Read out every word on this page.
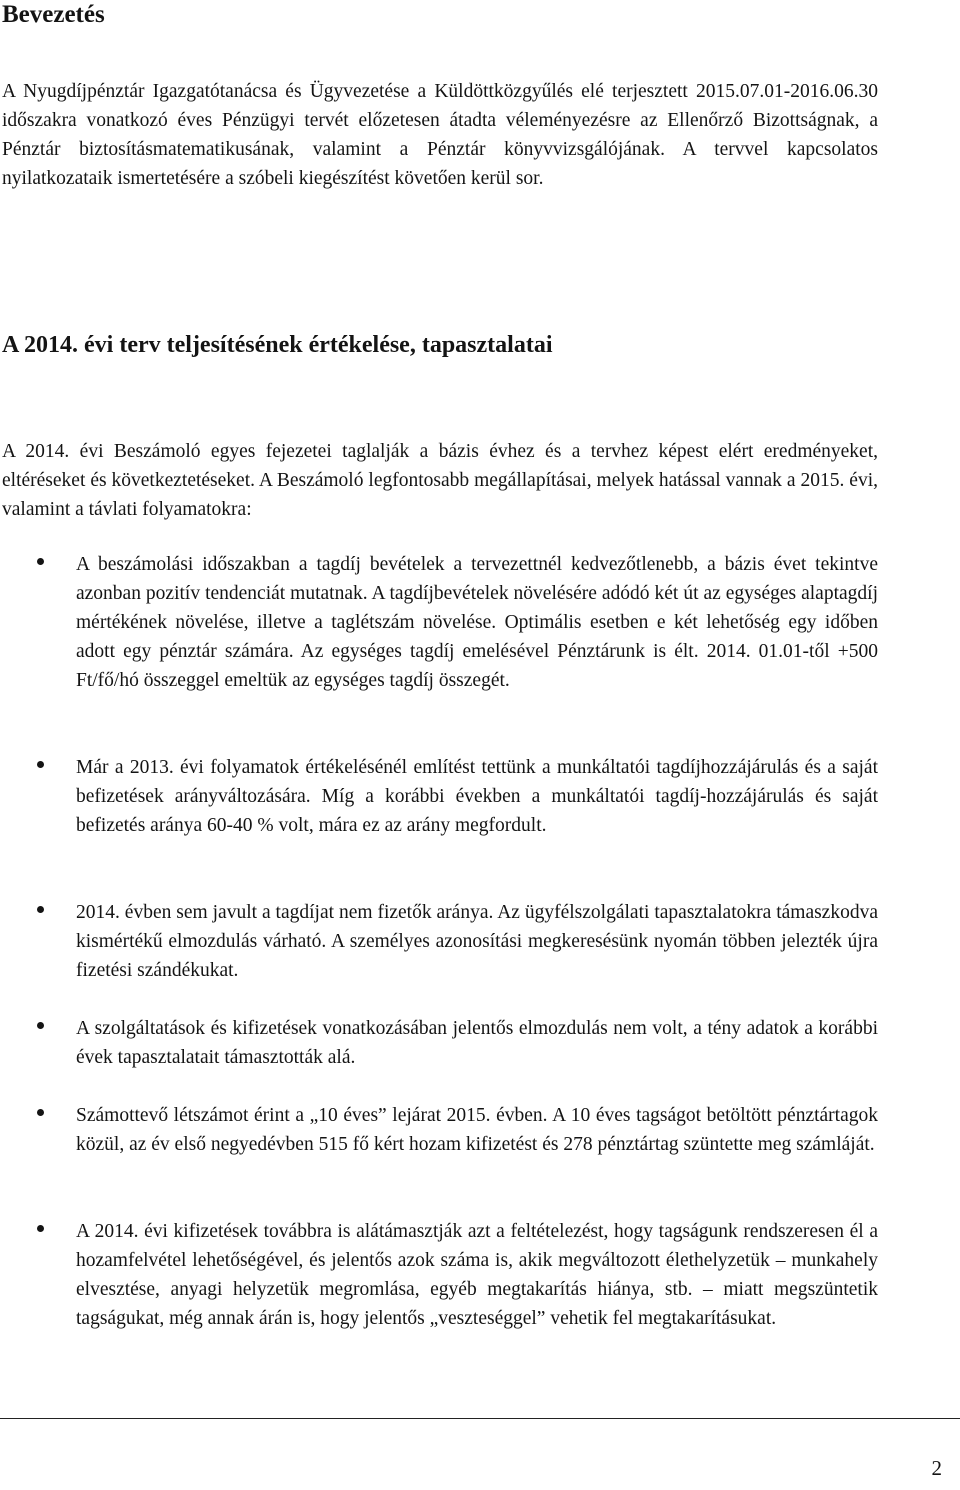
Bevezetés

A Nyugdíjpénztár Igazgatótanácsa és Ügyvezetése a Küldöttközgyűlés elé terjesztett 2015.07.01-2016.06.30 időszakra vonatkozó éves Pénzügyi tervét előzetesen átadta véleményezésre az Ellenőrző Bizottságnak, a Pénztár biztosításmatematikusának, valamint a Pénztár könyvvizsgálójának. A tervvel kapcsolatos nyilatkozataik ismertetésére a szóbeli kiegészítést követően kerül sor.

A 2014. évi terv teljesítésének értékelése, tapasztalatai

A 2014. évi Beszámoló egyes fejezetei taglalják a bázis évhez és a tervhez képest elért eredményeket, eltéréseket és következtetéseket. A Beszámoló legfontosabb megállapításai, melyek hatással vannak a 2015. évi, valamint a távlati folyamatokra:

A beszámolási időszakban a tagdíj bevételek a tervezettnél kedvezőtlenebb, a bázis évet tekintve azonban pozitív tendenciát mutatnak. A tagdíjbevételek növelésére adódó két út az egységes alaptagdíj mértékének növelése, illetve a taglétszám növelése. Optimális esetben e két lehetőség egy időben adott egy pénztár számára. Az egységes tagdíj emelésével Pénztárunk is élt. 2014. 01.01-től +500 Ft/fő/hó összeggel emeltük az egységes tagdíj összegét.

Már a 2013. évi folyamatok értékelésénél említést tettünk a munkáltatói tagdíjhozzájárulás és a saját befizetések arányváltozására. Míg a korábbi években a munkáltatói tagdíj-hozzájárulás és saját befizetés aránya 60-40 % volt, mára ez az arány megfordult.

2014. évben sem javult a tagdíjat nem fizetők aránya. Az ügyfélszolgálati tapasztalatokra támaszkodva kismértékű elmozdulás várható. A személyes azonosítási megkeresésünk nyomán többen jelezték újra fizetési szándékukat.

A szolgáltatások és kifizetések vonatkozásában jelentős elmozdulás nem volt, a tény adatok a korábbi évek tapasztalatait támasztották alá.

Számottevő létszámot érint a „10 éves” lejárat 2015. évben. A 10 éves tagságot betöltött pénztártagok közül, az év első negyedévben 515 fő kért hozam kifizetést és 278 pénztártag szüntette meg számláját.

A 2014. évi kifizetések továbbra is alátámasztják azt a feltételezést, hogy tagságunk rendszeresen él a hozamfelvétel lehetőségével, és jelentős azok száma is, akik megváltozott élethelyzetük – munkahely elvesztése, anyagi helyzetük megromlása, egyéb megtakarítás hiánya, stb. – miatt megszüntetik tagságukat, még annak árán is, hogy jelentős „veszteséggel” vehetik fel megtakarításukat.

2
